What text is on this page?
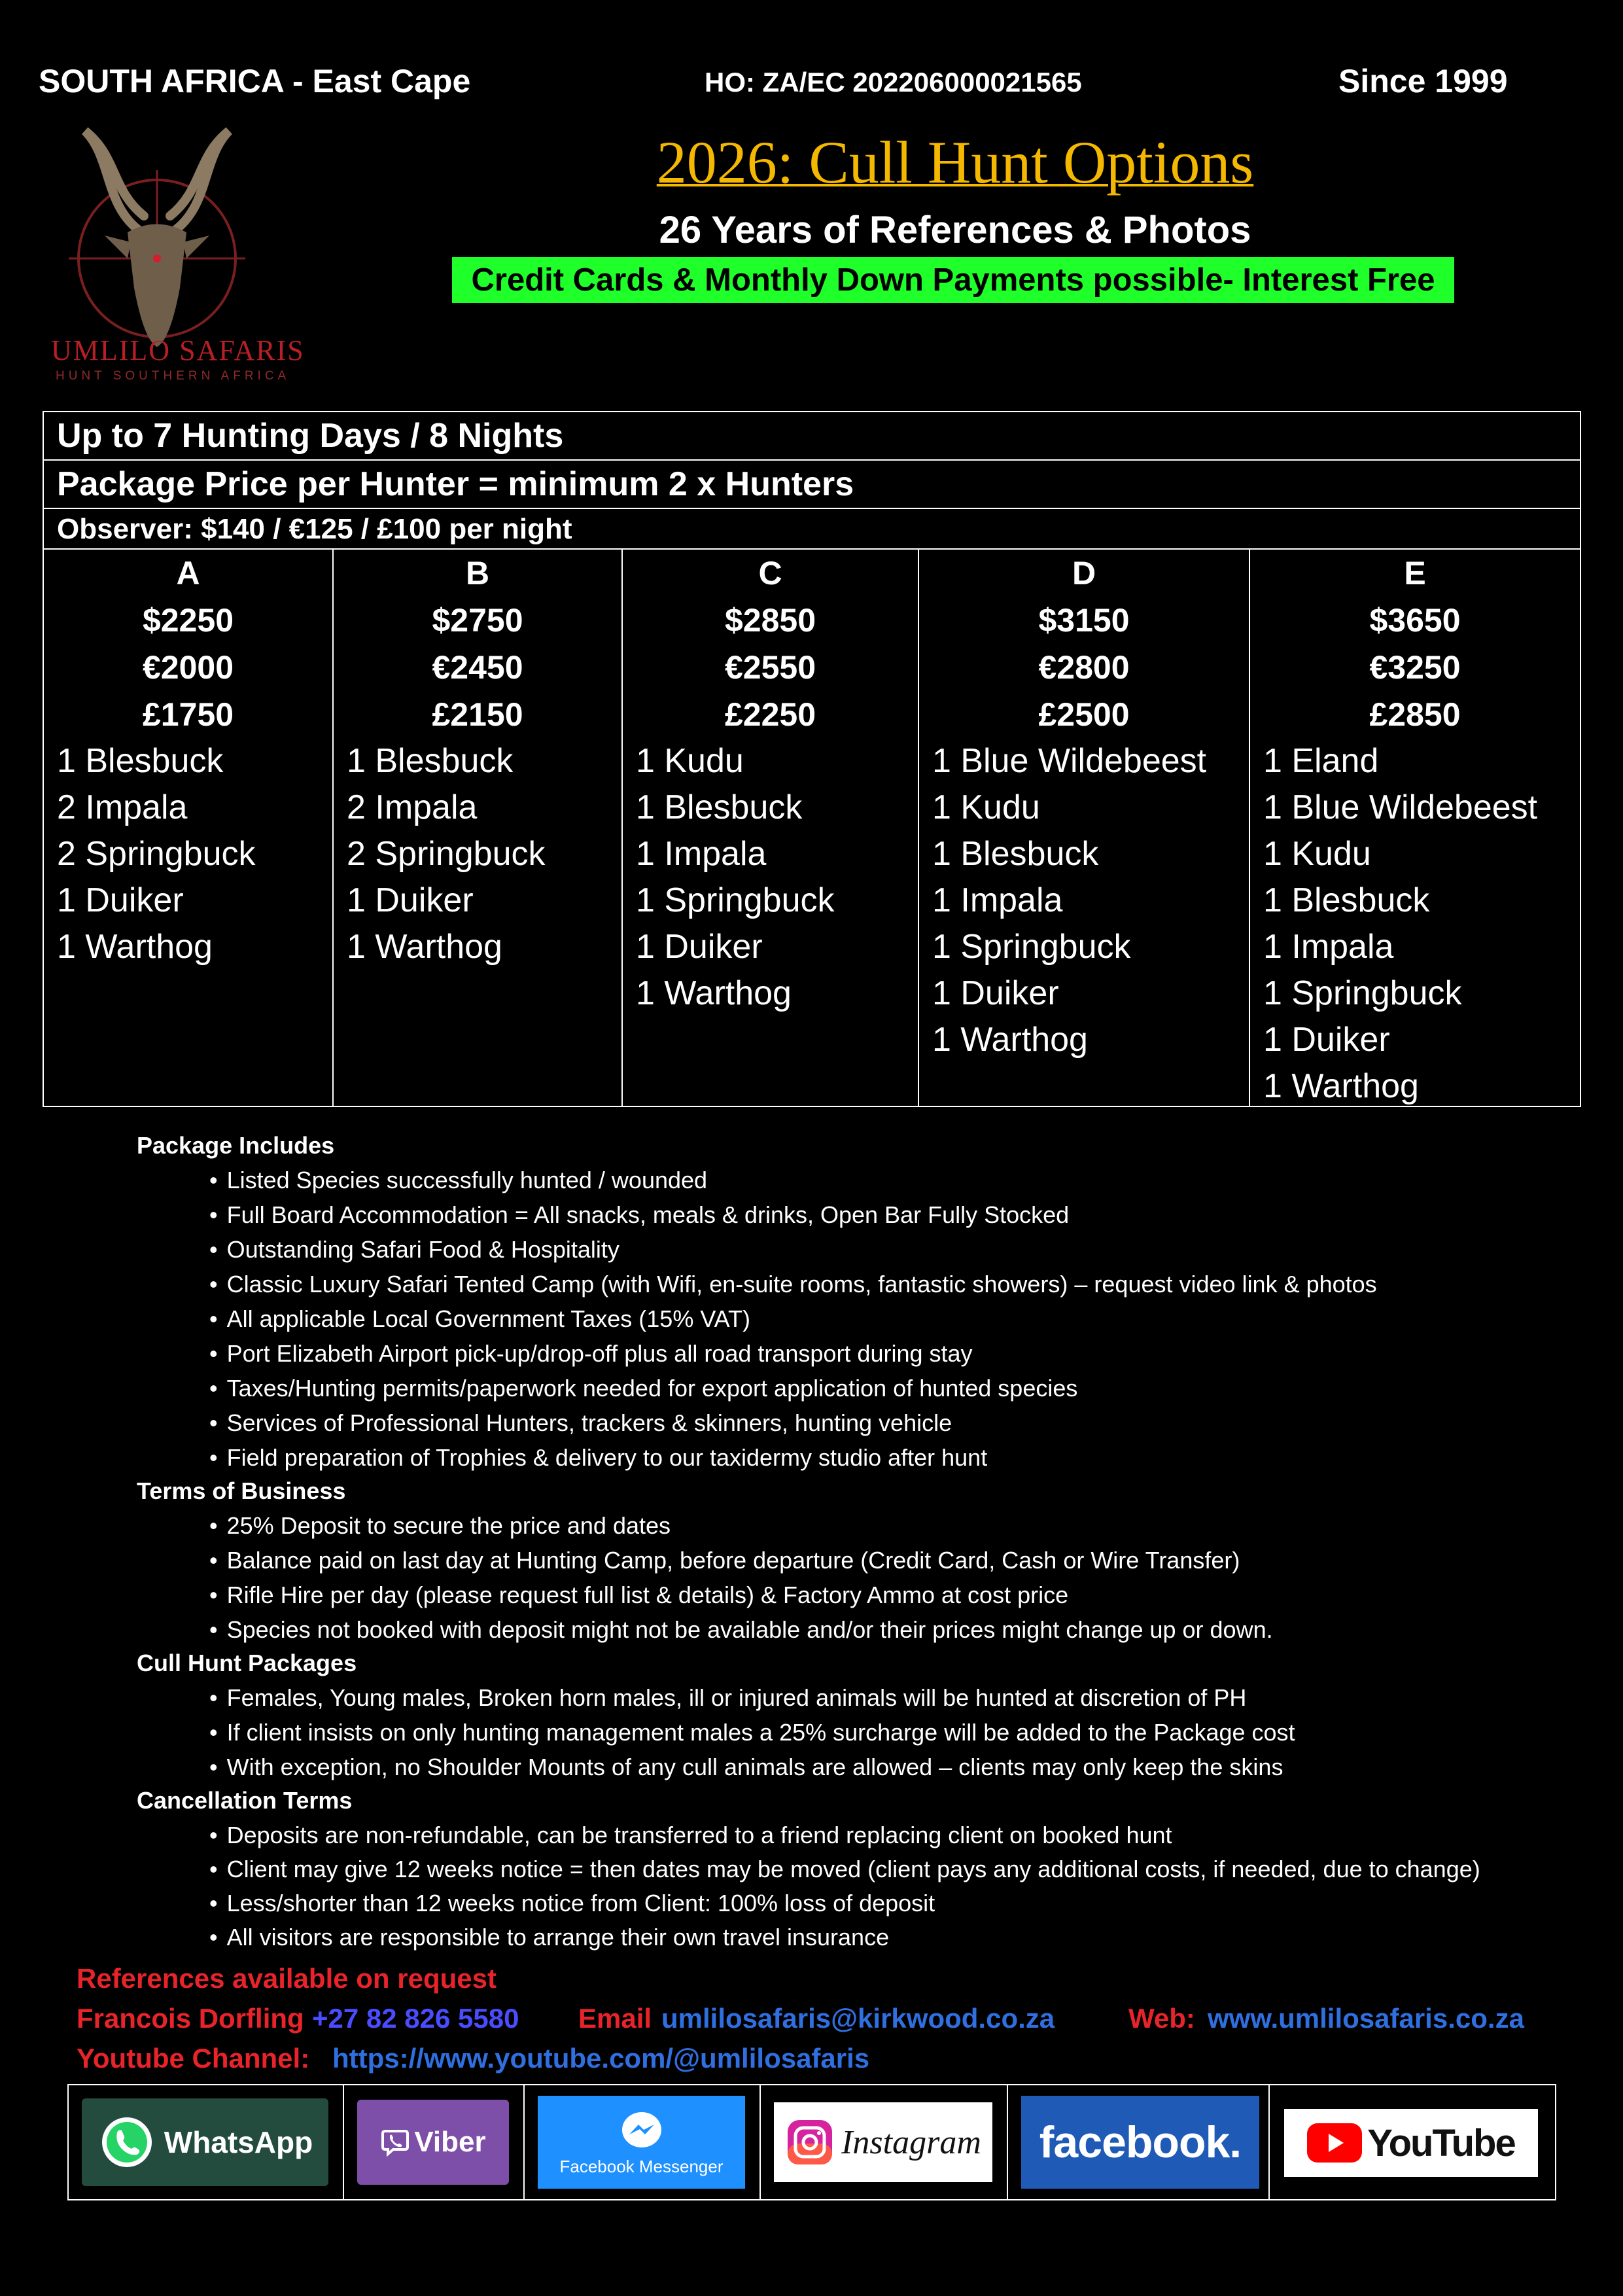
SOUTH AFRICA - East Cape	HO: ZA/EC 202206000021565	Since 1999
UMLILO SAFARIS
HUNT SOUTHERN AFRICA
2026: Cull Hunt Options
26 Years of References & Photos
Credit Cards & Monthly Down Payments possible- Interest Free
Up to 7 Hunting Days / 8 Nights
Package Price per Hunter = minimum 2 x Hunters
Observer: $140 / €125 / £100 per night
A
$2250
€2000
£1750
1 Blesbuck
2 Impala
2 Springbuck
1 Duiker
1 Warthog
B
$2750
€2450
£2150
1 Blesbuck
2 Impala
2 Springbuck
1 Duiker
1 Warthog
C
$2850
€2550
£2250
1 Kudu
1 Blesbuck
1 Impala
1 Springbuck
1 Duiker
1 Warthog
D
$3150
€2800
£2500
1 Blue Wildebeest
1 Kudu
1 Blesbuck
1 Impala
1 Springbuck
1 Duiker
1 Warthog
E
$3650
€3250
£2850
1 Eland
1 Blue Wildebeest
1 Kudu
1 Blesbuck
1 Impala
1 Springbuck
1 Duiker
1 Warthog
Package Includes
• Listed Species successfully hunted / wounded
• Full Board Accommodation = All snacks, meals & drinks, Open Bar Fully Stocked
• Outstanding Safari Food & Hospitality
• Classic Luxury Safari Tented Camp (with Wifi, en-suite rooms, fantastic showers) – request video link & photos
• All applicable Local Government Taxes (15% VAT)
• Port Elizabeth Airport pick-up/drop-off plus all road transport during stay
• Taxes/Hunting permits/paperwork needed for export application of hunted species
• Services of Professional Hunters, trackers & skinners, hunting vehicle
• Field preparation of Trophies & delivery to our taxidermy studio after hunt
Terms of Business
• 25% Deposit to secure the price and dates
• Balance paid on last day at Hunting Camp, before departure (Credit Card, Cash or Wire Transfer)
• Rifle Hire per day (please request full list & details) & Factory Ammo at cost price
• Species not booked with deposit might not be available and/or their prices might change up or down.
Cull Hunt Packages
• Females, Young males, Broken horn males, ill or injured animals will be hunted at discretion of PH
• If client insists on only hunting management males a 25% surcharge will be added to the Package cost
• With exception, no Shoulder Mounts of any cull animals are allowed – clients may only keep the skins
Cancellation Terms
• Deposits are non-refundable, can be transferred to a friend replacing client on booked hunt
• Client may give 12 weeks notice = then dates may be moved (client pays any additional costs, if needed, due to change)
• Less/shorter than 12 weeks notice from Client: 100% loss of deposit
• All visitors are responsible to arrange their own travel insurance
References available on request
Francois Dorfling +27 82 826 5580 Email umlilosafaris@kirkwood.co.za	Web: www.umlilosafaris.co.za
Youtube Channel: https://www.youtube.com/@umlilosafaris
WhatsApp	Viber
Facebook Messenger
Instagram facebook.	YouTube
